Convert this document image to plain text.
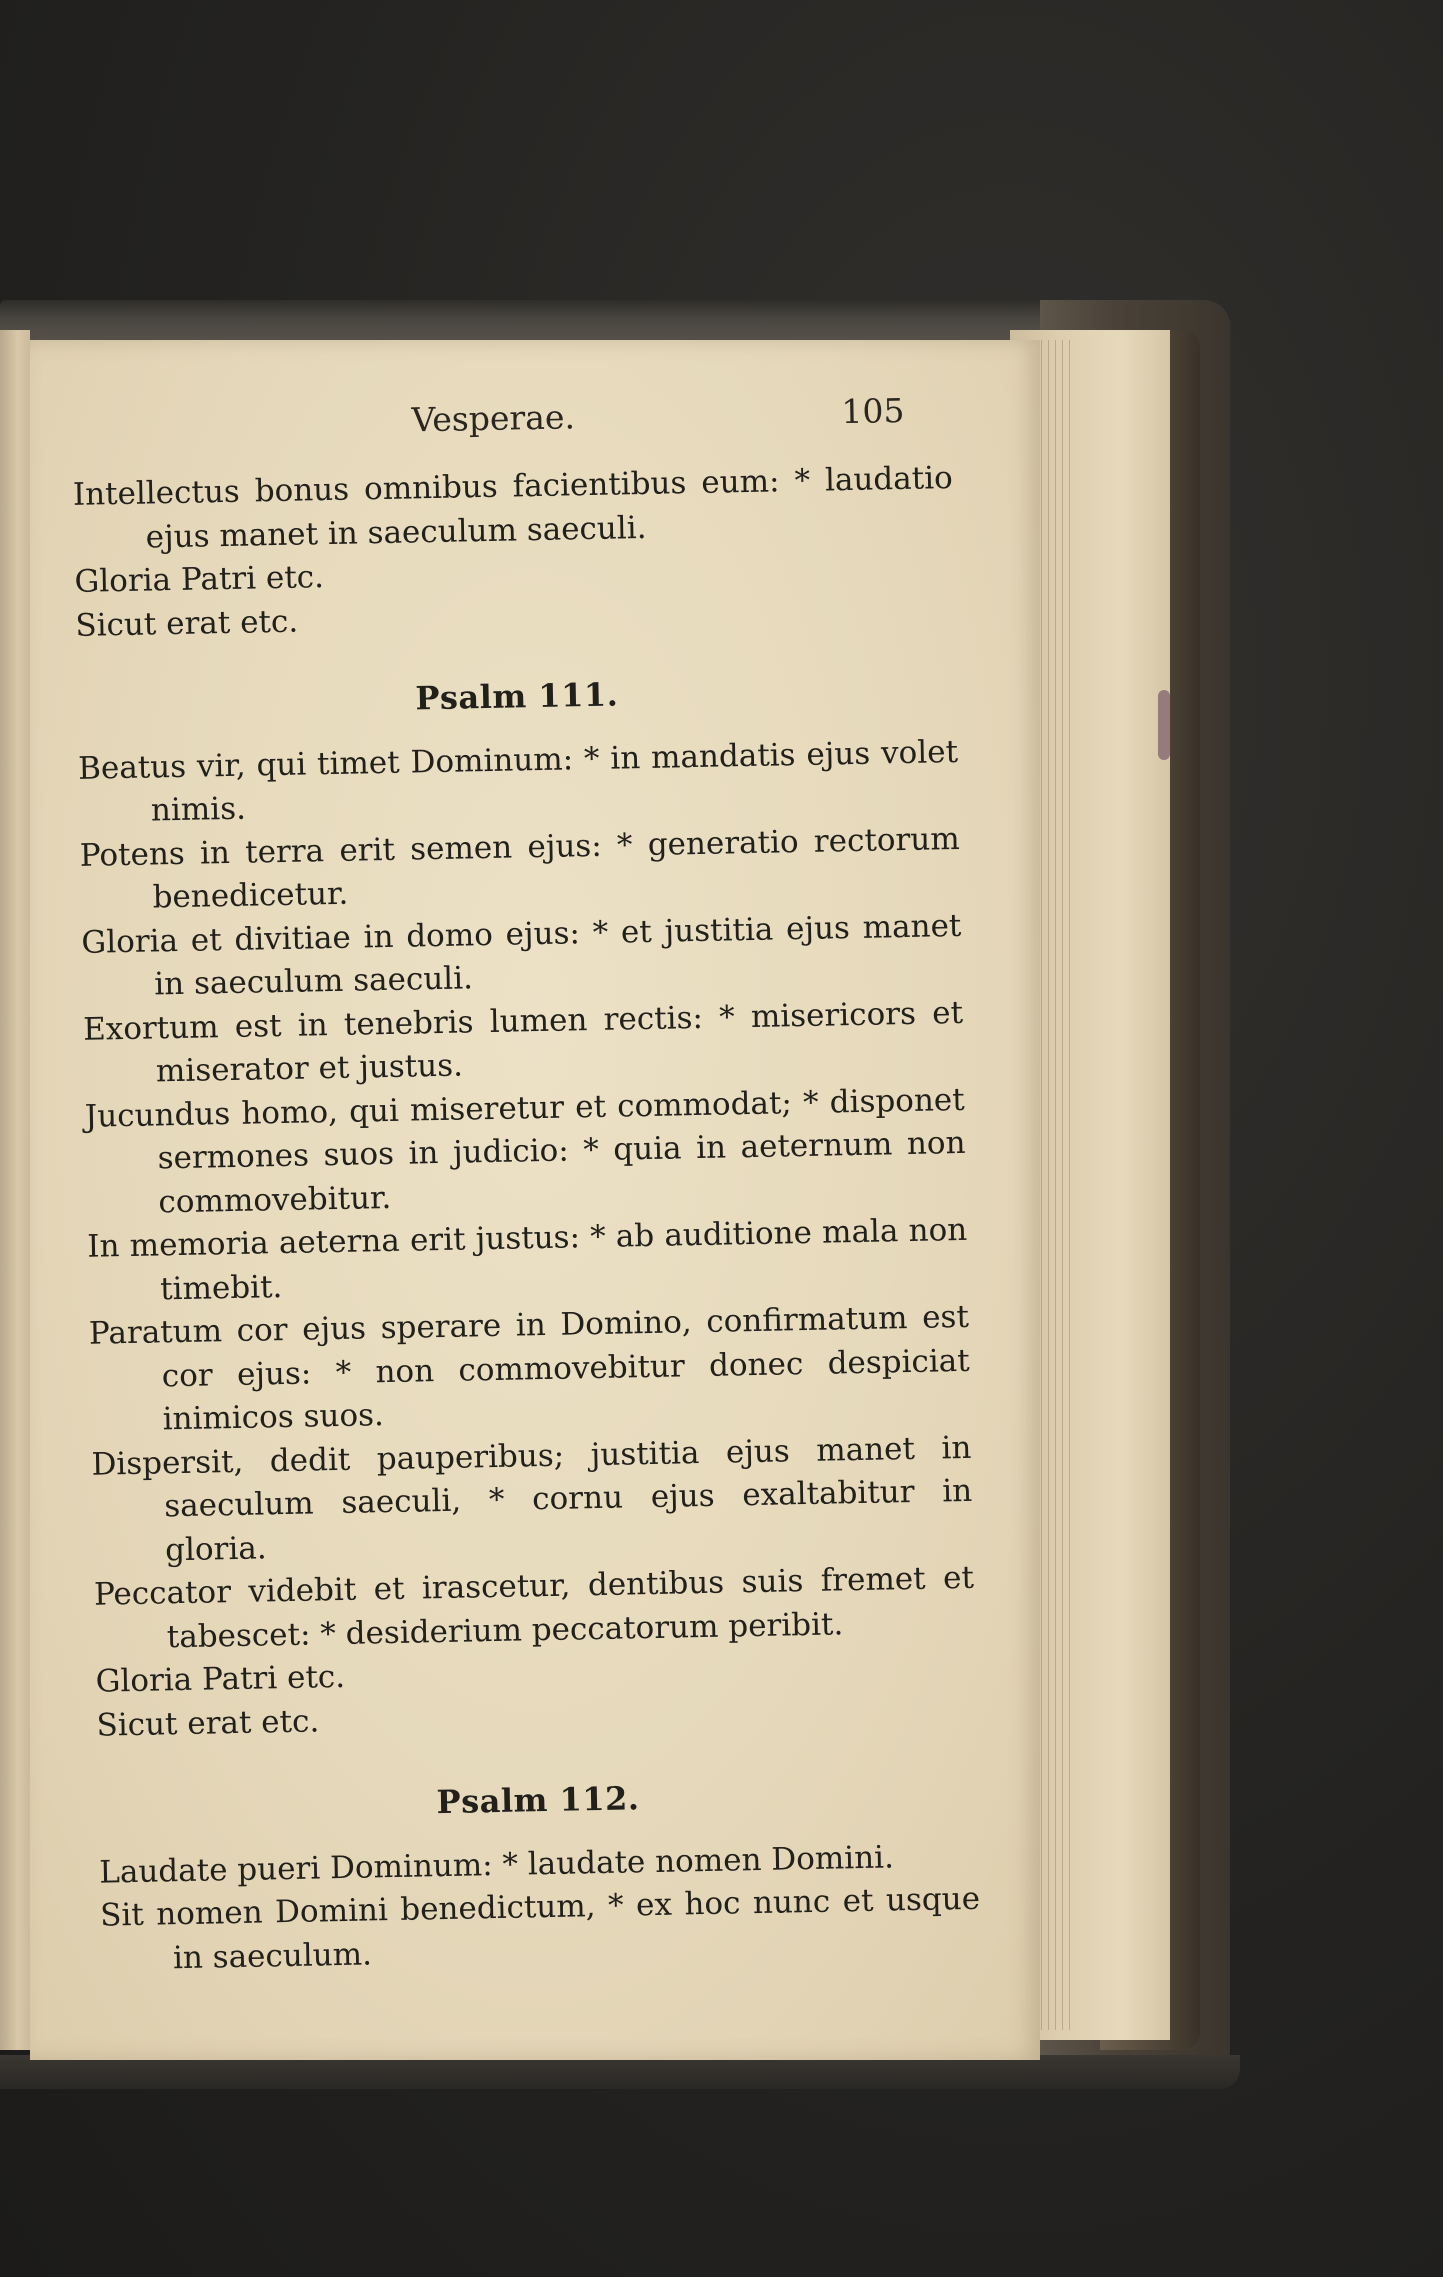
Vesperae.	105

Intellectus bonus omnibus facientibus eum: * laudatio ejus manet in saeculum saeculi.

Gloria Patri etc.

Sicut erat etc.

Psalm 111.

Beatus vir, qui timet Dominum: * in mandatis ejus volet nimis.

Potens in terra erit semen ejus: * generatio rectorum benedicetur.

Gloria et divitiae in domo ejus: * et justitia ejus manet in saeculum saeculi.

Exortum est in tenebris lumen rectis: * misericors et miserator et justus.

Jucundus homo, qui miseretur et commodat; * disponet sermones suos in judicio: * quia in aeternum non commovebitur.

In memoria aeterna erit justus: * ab auditione mala non timebit.

Paratum cor ejus sperare in Domino, confirmatum est cor ejus: * non commovebitur donec despiciat inimicos suos.

Dispersit, dedit pauperibus; justitia ejus manet in saeculum saeculi, * cornu ejus exaltabitur in gloria.

Peccator videbit et irascetur, dentibus suis fremet et tabescet: * desiderium peccatorum peribit.

Gloria Patri etc.

Sicut erat etc.

Psalm 112.

Laudate pueri Dominum: * laudate nomen Domini.

Sit nomen Domini benedictum, * ex hoc nunc et usque in saeculum.
